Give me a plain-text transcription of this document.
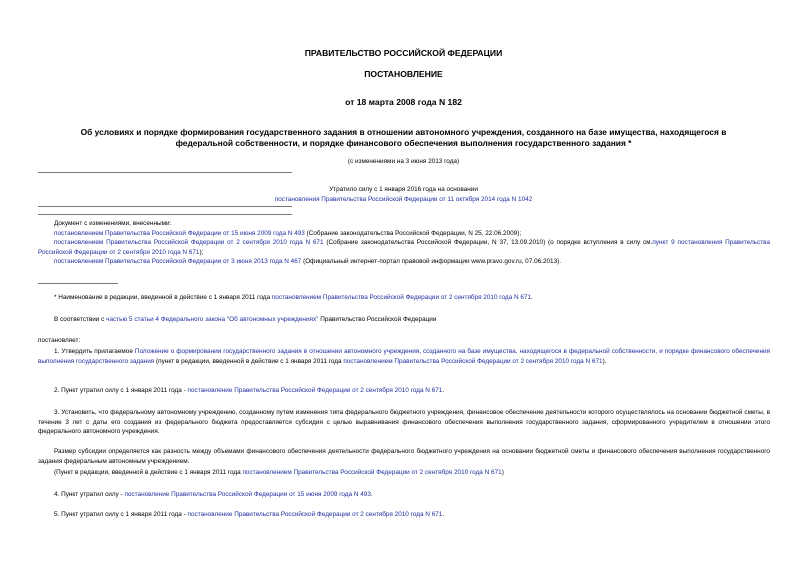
ПРАВИТЕЛЬСТВО РОССИЙСКОЙ ФЕДЕРАЦИИ
ПОСТАНОВЛЕНИЕ
от 18 марта 2008 года N 182
Об условиях и порядке формирования государственного задания в отношении автономного учреждения, созданного на базе имущества, находящегося в
федеральной собственности, и порядке финансового обеспечения выполнения государственного задания *
(с изменениями на 3 июня 2013 года)
Утратило силу с 1 января 2016 года на основании
постановления Правительства Российской Федерации от 11 октября 2014 года N 1042
Документ с изменениями, внесенными:
постановлением Правительства Российской Федерации от 15 июня 2009 года N 493 (Собрание законодательства Российской Федерации, N 25, 22.06.2009);
постановлением Правительства Российской Федерации от 2 сентября 2010 года N 671 (Собрание законодательства Российской Федерации, N 37, 13.09.2010) (о порядке вступления в силу см.пункт 9 постановления Правительства Российской Федерации от 2 сентября 2010 года N 671);
постановлением Правительства Российской Федерации от 3 июня 2013 года N 467 (Официальный интернет-портал правовой информации www.pravo.gov.ru, 07.06.2013).
* Наименование в редакции, введенной в действие с 1 января 2011 года постановлением Правительства Российской Федерации от 2 сентября 2010 года N 671.
В соответствии с частью 5 статьи 4 Федерального закона "Об автономных учреждениях" Правительство Российской Федерации
постановляет:
1. Утвердить прилагаемое Положение о формировании государственного задания в отношении автономного учреждения, созданного на базе имущества, находящегося в федеральной собственности, и порядке финансового обеспечения выполнения государственного задания (пункт в редакции, введенной в действие с 1 января 2011 года постановлением Правительства Российской Федерации от 2 сентября 2010 года N 671).
2. Пункт утратил силу с 1 января 2011 года - постановление Правительства Российской Федерации от 2 сентября 2010 года N 671.
3. Установить, что федеральному автономному учреждению, созданному путем изменения типа федерального бюджетного учреждения, финансовое обеспечение деятельности которого осуществлялось на основании бюджетной сметы, в течение 3 лет с даты его создания из федерального бюджета предоставляется субсидия с целью выравнивания финансового обеспечения выполнения государственного задания, сформированного учредителем в отношении этого федерального автономного учреждения.
Размер субсидии определяется как разность между объемами финансового обеспечения деятельности федерального бюджетного учреждения на основании бюджетной сметы и финансового обеспечения выполнения государственного задания федеральным автономным учреждением.
(Пункт в редакции, введенной в действие с 1 января 2011 года постановлением Правительства Российской Федерации от 2 сентября 2010 года N 671)
4. Пункт утратил силу - постановление Правительства Российской Федерации от 15 июня 2009 года N 493.
5. Пункт утратил силу с 1 января 2011 года - постановление Правительства Российской Федерации от 2 сентября 2010 года N 671.
